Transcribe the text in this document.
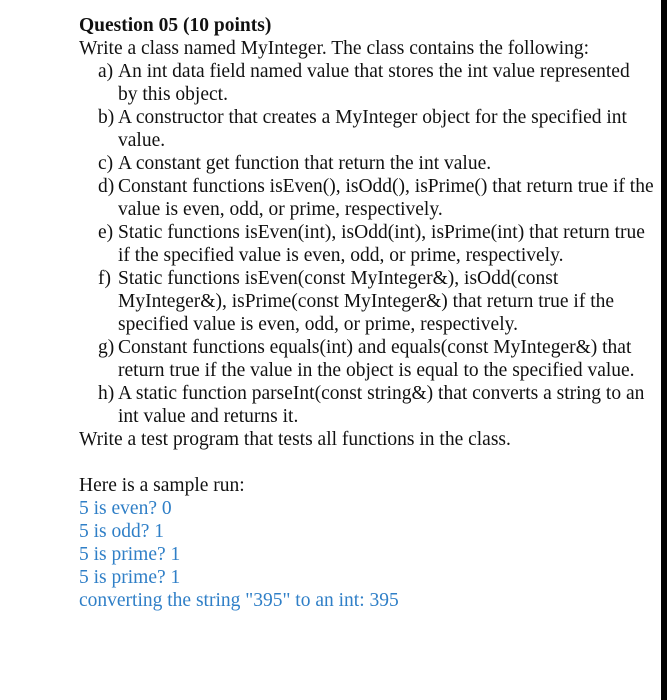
Question 05 (10 points)

Write a class named MyInteger. The class contains the following:

a) An int data field named value that stores the int value represented by this object.
b) A constructor that creates a MyInteger object for the specified int value.
c) A constant get function that return the int value.
d) Constant functions isEven(), isOdd(), isPrime() that return true if the value is even, odd, or prime, respectively.
e) Static functions isEven(int), isOdd(int), isPrime(int) that return true if the specified value is even, odd, or prime, respectively.
f) Static functions isEven(const MyInteger&), isOdd(const MyInteger&), isPrime(const MyInteger&) that return true if the specified value is even, odd, or prime, respectively.
g) Constant functions equals(int) and equals(const MyInteger&) that return true if the value in the object is equal to the specified value.
h) A static function parseInt(const string&) that converts a string to an int value and returns it.

Write a test program that tests all functions in the class.

Here is a sample run:

5 is even? 0

5 is odd? 1

5 is prime? 1

5 is prime? 1

converting the string "395" to an int: 395
